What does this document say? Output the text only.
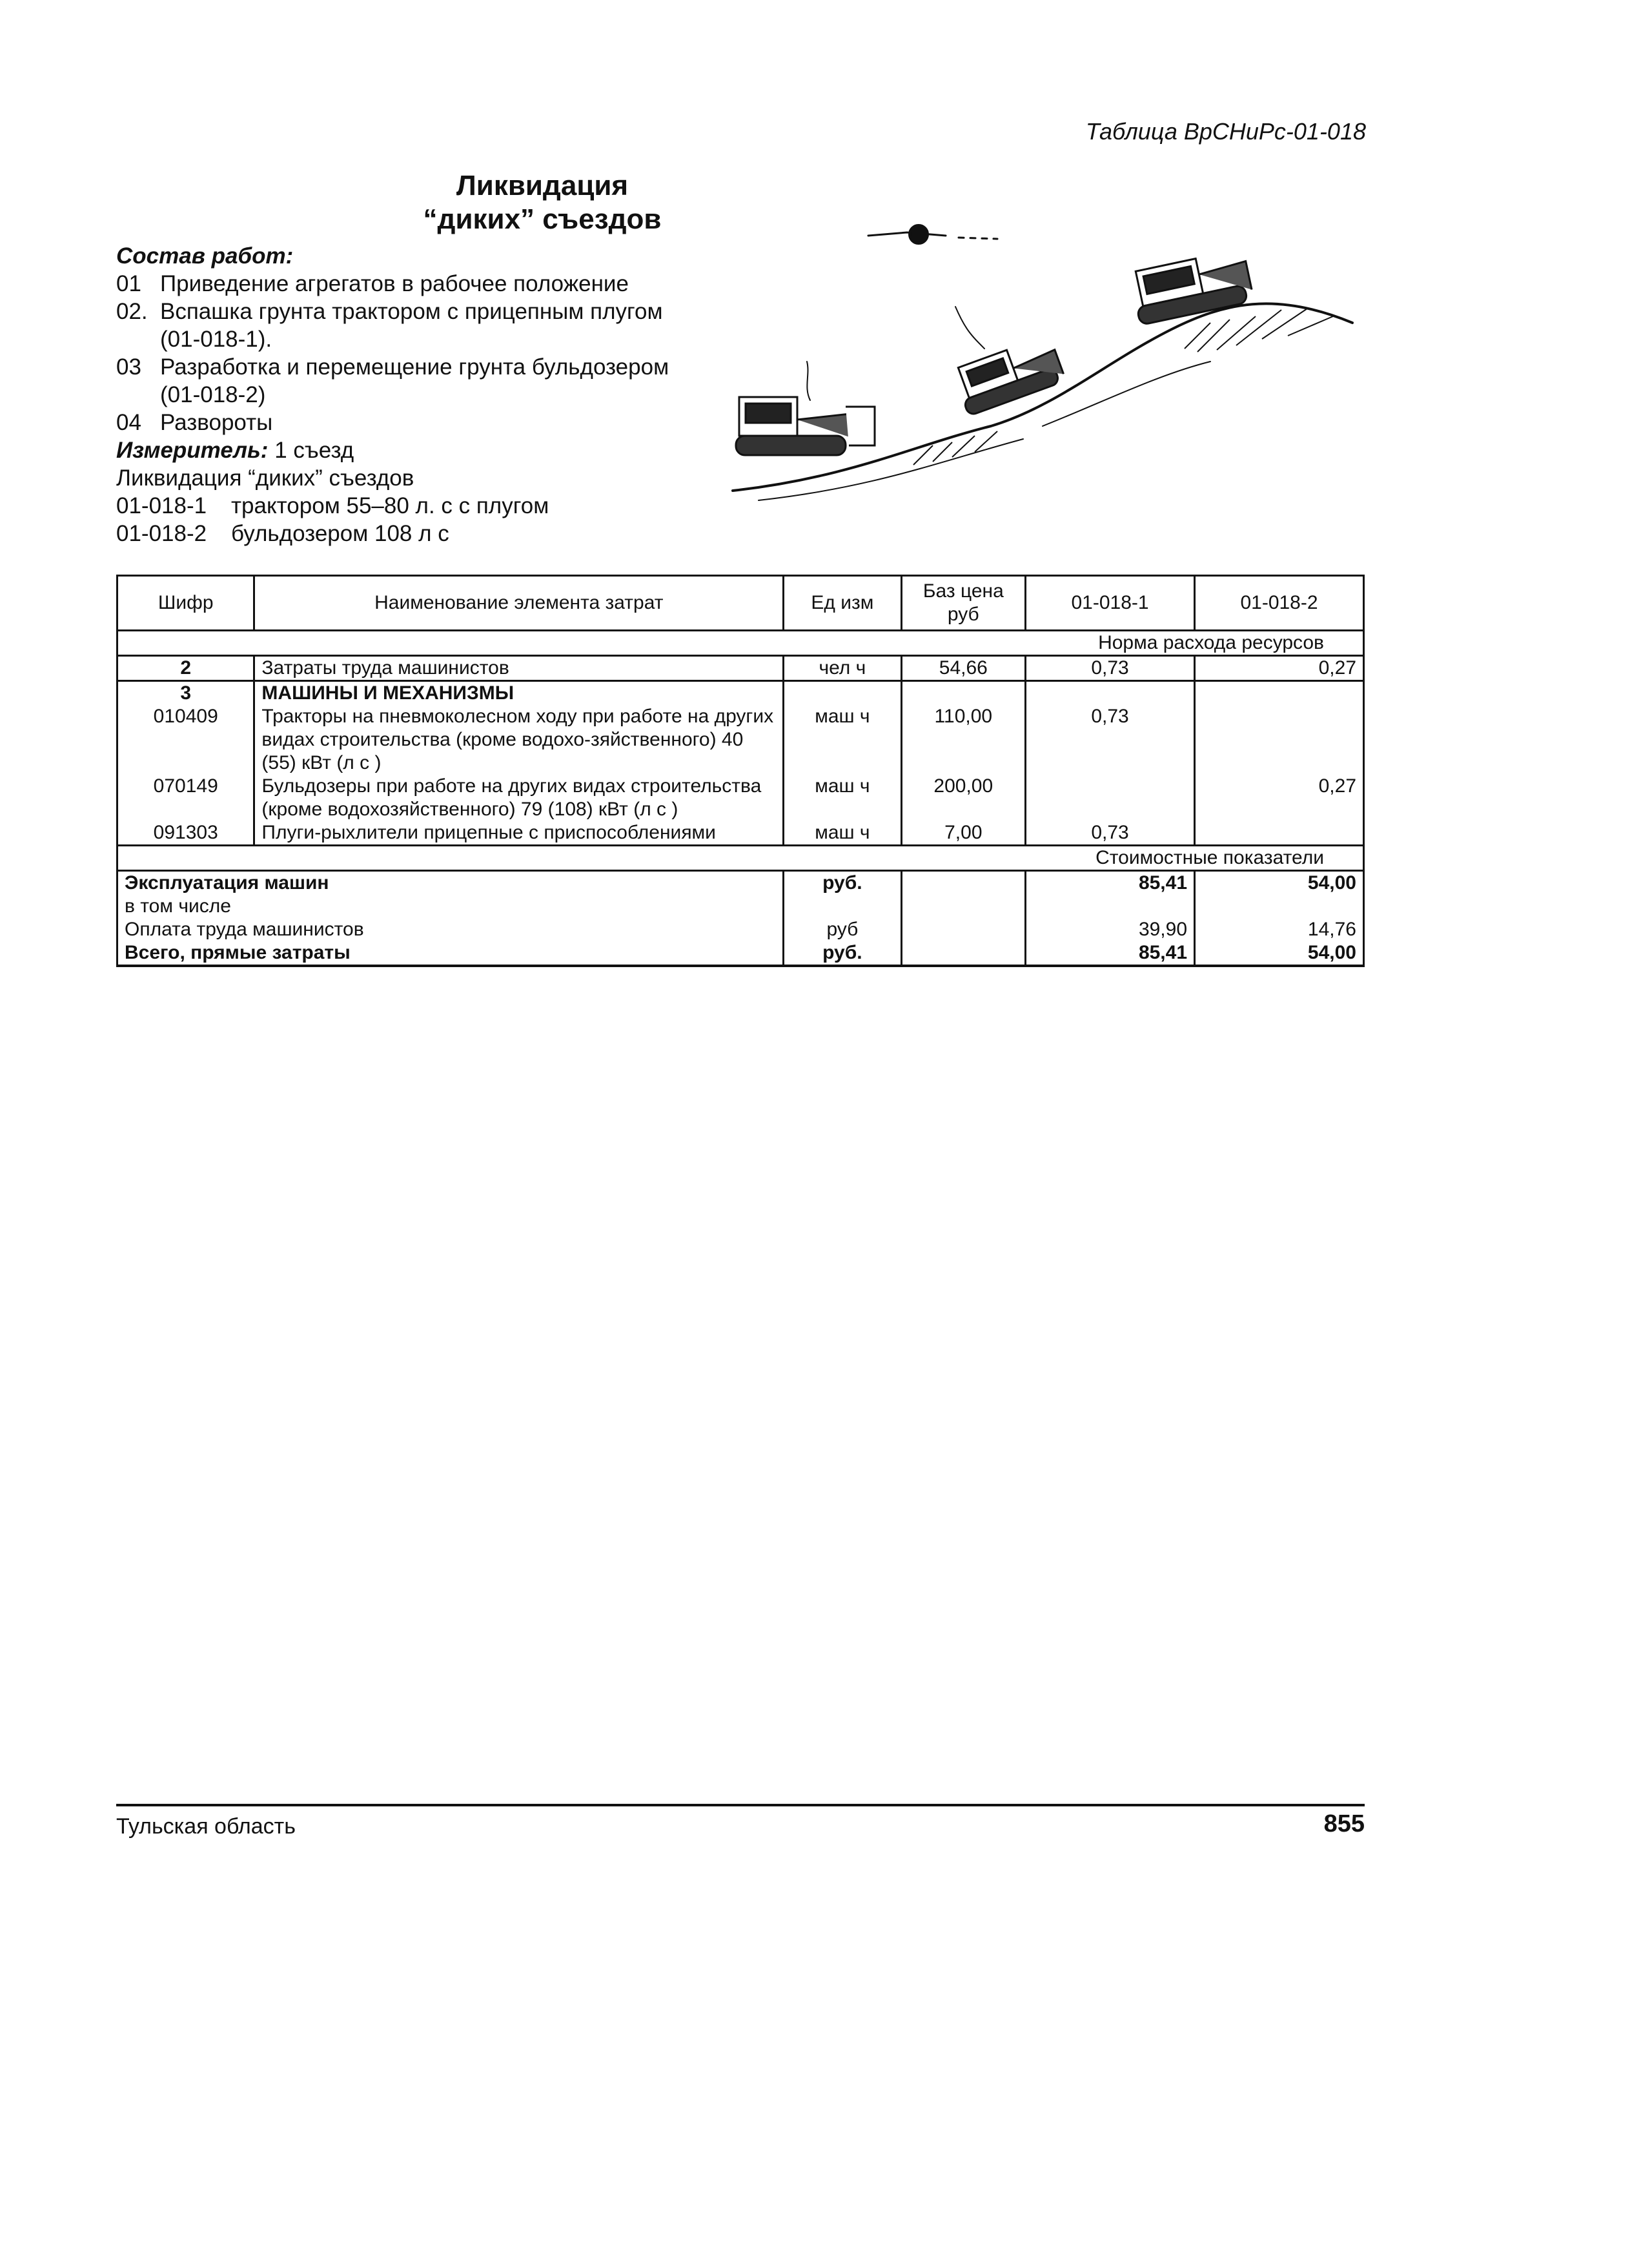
Таблица ВрСНиРс-01-018
Ликвидация
“диких” съездов
Состав работ:
01 Приведение агрегатов в рабочее положение
02. Вспашка грунта трактором с прицепным плугом
(01-018-1).
03 Разработка и перемещение грунта бульдозером
(01-018-2)
04 Развороты
Измеритель: 1 съезд
Ликвидация “диких” съездов
01-018-1 трактором 55–80 л. с с плугом
01-018-2 бульдозером 108 л с
Шифр	Наименование элемента затрат	Ед изм	Баз цена руб	01-018-1	01-018-2
Норма расхода ресурсов					
2	Затраты труда машинистов	чел ч	54,66	0,73	0,27
3	МАШИНЫ И МЕХАНИЗМЫ				
010409	Тракторы на пневмоколесном ходу при работе на других видах строительства (кроме водохо-зяйственного) 40 (55) кВт (л с )	маш ч	110,00	0,73	
070149	Бульдозеры при работе на других видах строительства (кроме водохозяйственного) 79 (108) кВт (л с )	маш ч	200,00		0,27
091303	Плуги-рыхлители прицепные с приспособлениями	маш ч	7,00	0,73	
Стоимостные показатели					
Эксплуатация машин		руб.		85,41	54,00
в том числе					
Оплата труда машинистов		руб		39,90	14,76
Всего, прямые затраты		руб.		85,41	54,00
Тульская область	855
